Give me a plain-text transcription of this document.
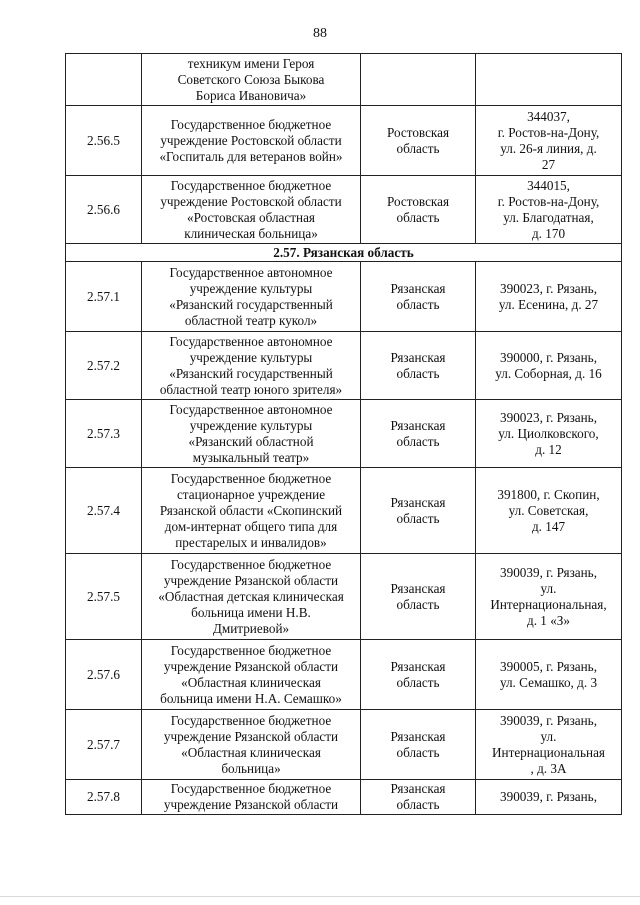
88
	техникум имени Героя
Советского Союза Быкова
Бориса Ивановича»		
2.56.5	Государственное бюджетное
учреждение Ростовской области
«Госпиталь для ветеранов войн»	Ростовская
область	344037,
г. Ростов-на-Дону,
ул. 26-я линия, д.
27
2.56.6	Государственное бюджетное
учреждение Ростовской области
«Ростовская областная
клиническая больница»	Ростовская
область	344015,
г. Ростов-на-Дону,
ул. Благодатная,
д. 170
2.57. Рязанская область			
2.57.1	Государственное автономное
учреждение культуры
«Рязанский государственный
областной театр кукол»	Рязанская
область	390023, г. Рязань,
ул. Есенина, д. 27
2.57.2	Государственное автономное
учреждение культуры
«Рязанский государственный
областной театр юного зрителя»	Рязанская
область	390000, г. Рязань,
ул. Соборная, д. 16
2.57.3	Государственное автономное
учреждение культуры
«Рязанский областной
музыкальный театр»	Рязанская
область	390023, г. Рязань,
ул. Циолковского,
д. 12
2.57.4	Государственное бюджетное
стационарное учреждение
Рязанской области «Скопинский
дом-интернат общего типа для
престарелых и инвалидов»	Рязанская
область	391800, г. Скопин,
ул. Советская,
д. 147
2.57.5	Государственное бюджетное
учреждение Рязанской области
«Областная детская клиническая
больница имени Н.В.
Дмитриевой»	Рязанская
область	390039, г. Рязань,
ул.
Интернациональная,
д. 1 «З»
2.57.6	Государственное бюджетное
учреждение Рязанской области
«Областная клиническая
больница имени Н.А. Семашко»	Рязанская
область	390005, г. Рязань,
ул. Семашко, д. 3
2.57.7	Государственное бюджетное
учреждение Рязанской области
«Областная клиническая
больница»	Рязанская
область	390039, г. Рязань,
ул.
Интернациональная
, д. 3А
2.57.8	Государственное бюджетное
учреждение Рязанской области	Рязанская
область	390039, г. Рязань,
